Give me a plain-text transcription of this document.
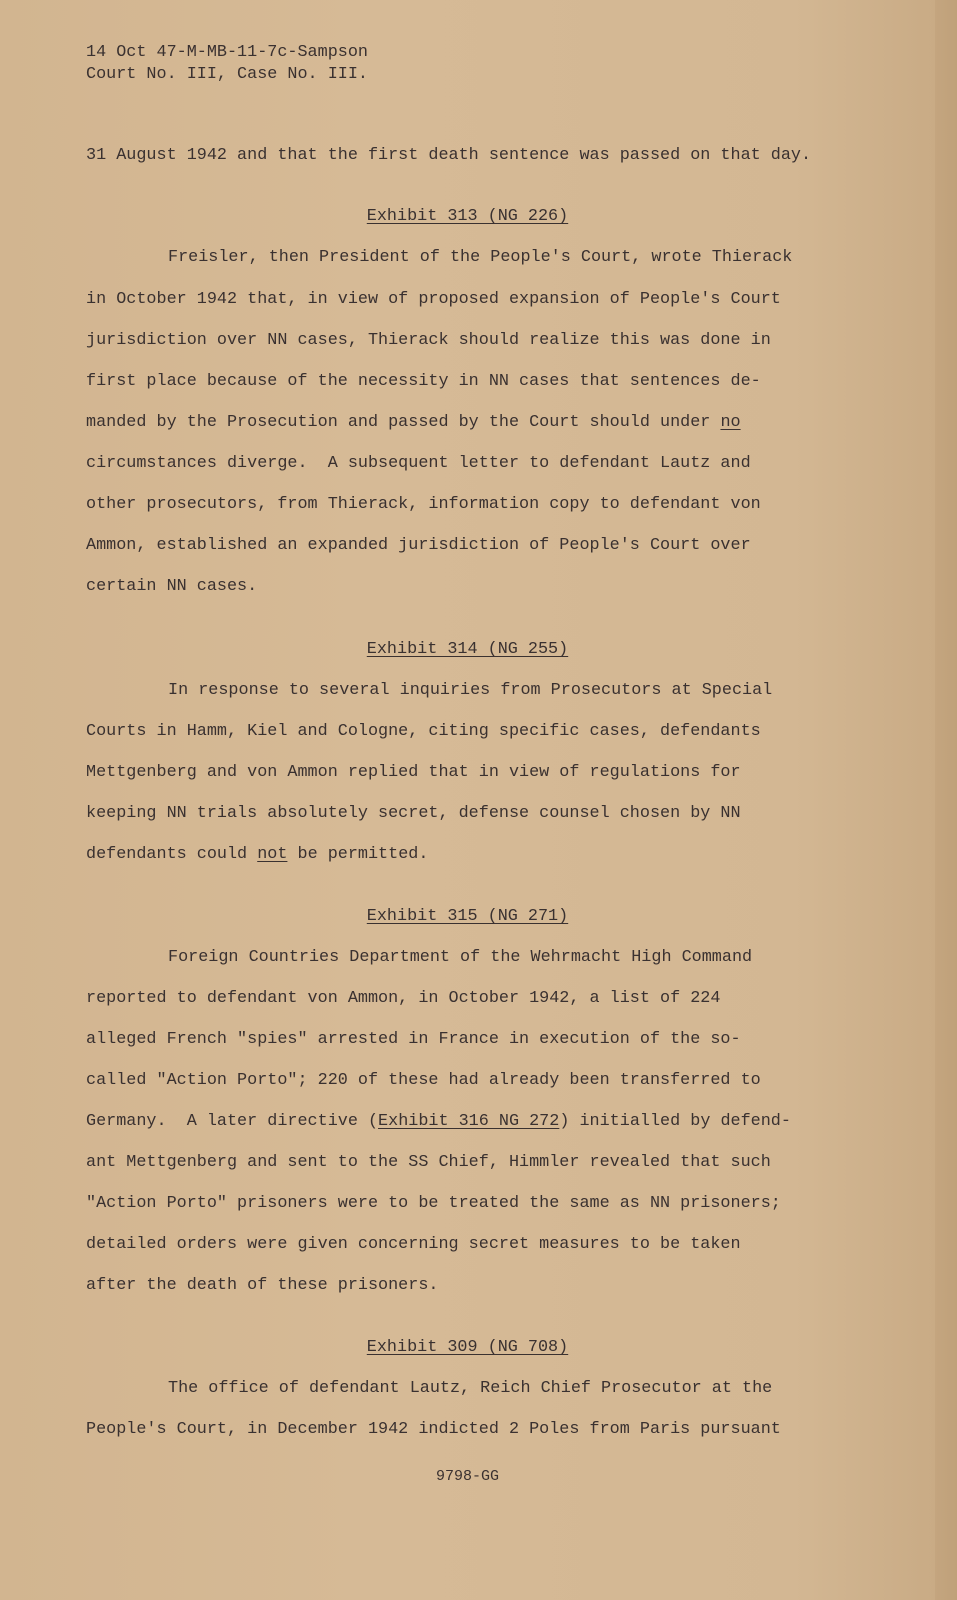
14 Oct 47-M-MB-11-7c-Sampson

Court No. III, Case No. III.

31 August 1942 and that the first death sentence was passed on that day.

Exhibit 313 (NG 226)

Freisler, then President of the People's Court, wrote Thierack

in October 1942 that, in view of proposed expansion of People's Court

jurisdiction over NN cases, Thierack should realize this was done in

first place because of the necessity in NN cases that sentences de-

manded by the Prosecution and passed by the Court should under no

circumstances diverge.  A subsequent letter to defendant Lautz and

other prosecutors, from Thierack, information copy to defendant von

Ammon, established an expanded jurisdiction of People's Court over

certain NN cases.

Exhibit 314 (NG 255)

In response to several inquiries from Prosecutors at Special

Courts in Hamm, Kiel and Cologne, citing specific cases, defendants

Mettgenberg and von Ammon replied that in view of regulations for

keeping NN trials absolutely secret, defense counsel chosen by NN

defendants could not be permitted.

Exhibit 315 (NG 271)

Foreign Countries Department of the Wehrmacht High Command

reported to defendant von Ammon, in October 1942, a list of 224

alleged French "spies" arrested in France in execution of the so-

called "Action Porto"; 220 of these had already been transferred to

Germany.  A later directive (Exhibit 316 NG 272) initialled by defend-

ant Mettgenberg and sent to the SS Chief, Himmler revealed that such

"Action Porto" prisoners were to be treated the same as NN prisoners;

detailed orders were given concerning secret measures to be taken

after the death of these prisoners.

Exhibit 309 (NG 708)

The office of defendant Lautz, Reich Chief Prosecutor at the

People's Court, in December 1942 indicted 2 Poles from Paris pursuant

9798-GG
